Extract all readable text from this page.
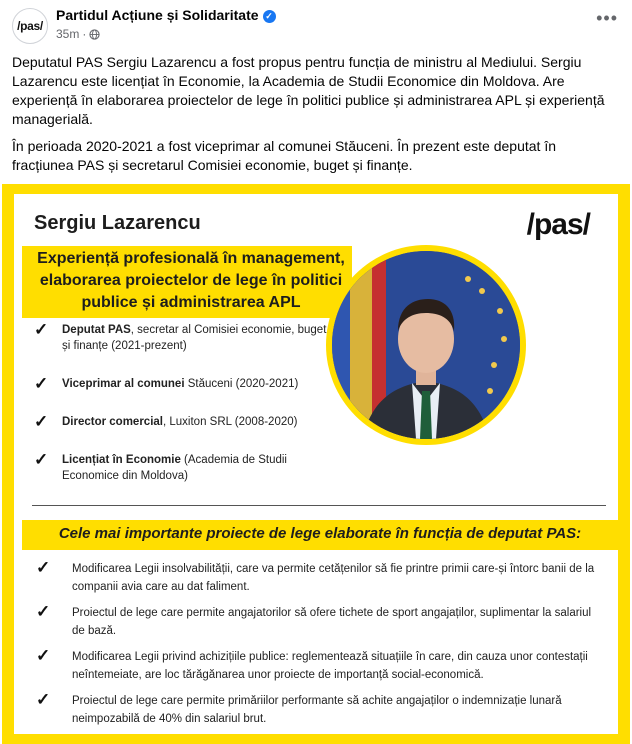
/pas/
Partidul Acțiune și Solidaritate ✓
35m ·
•••

Deputatul PAS Sergiu Lazarencu a fost propus pentru funcția de ministru al Mediului. Sergiu Lazarencu este licențiat în Economie, la Academia de Studii Economice din Moldova. Are experiență în elaborarea proiectelor de lege în politici publice și administrarea APL și experiență managerială.

În perioada 2020-2021 a fost viceprimar al comunei Stăuceni. În prezent este deputat în fracțiunea PAS și secretarul Comisiei economie, buget și finanțe.

Sergiu Lazarencu	/pas/
Experiență profesională în management, elaborarea proiectelor de lege în politici publice și administrarea APL
✓ Deputat PAS, secretar al Comisiei economie, buget și finanțe (2021-prezent)
✓ Viceprimar al comunei Stăuceni (2020-2021)
✓ Director comercial, Luxiton SRL (2008-2020)
✓ Licențiat în Economie (Academia de Studii Economice din Moldova)
Cele mai importante proiecte de lege elaborate în funcția de deputat PAS:
✓ Modificarea Legii insolvabilității, care va permite cetățenilor să fie printre primii care-și întorc banii de la companii avia care au dat faliment.
✓ Proiectul de lege care permite angajatorilor să ofere tichete de sport angajaților, suplimentar la salariul de bază.
✓ Modificarea Legii privind achizițiile publice: reglementează situațiile în care, din cauza unor contestații neîntemeiate, are loc tărăgănarea unor proiecte de importanță social-economică.
✓ Proiectul de lege care permite primăriilor performante să achite angajaților o indemnizație lunară neimpozabilă de 40% din salariul brut.
